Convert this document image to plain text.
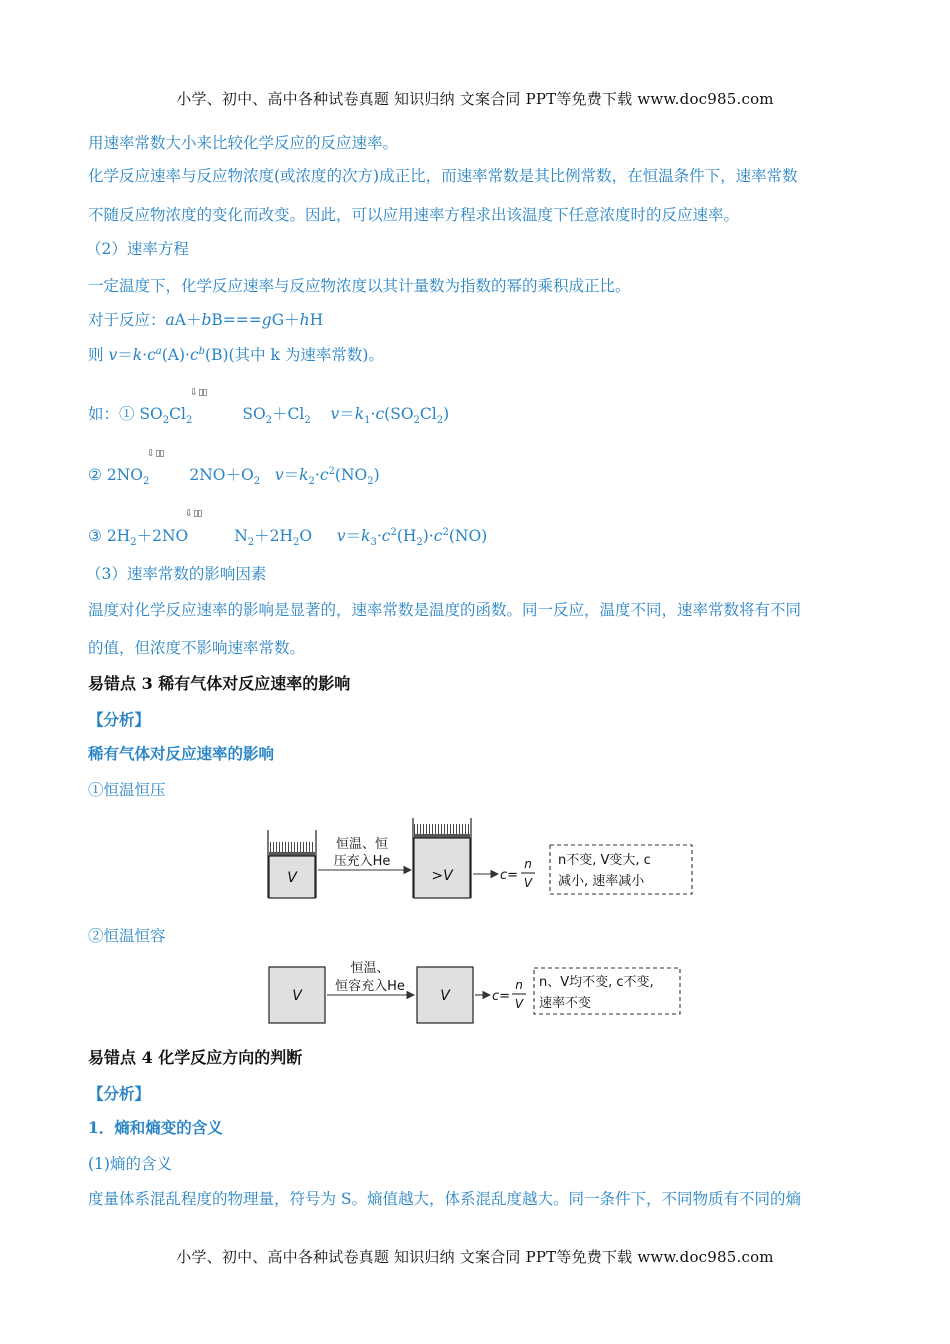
小学、初中、高中各种试卷真题 知识归纳 文案合同 PPT等免费下载 www.doc985.com
用速率常数大小来比较化学反应的反应速率。
化学反应速率与反应物浓度(或浓度的次方)成正比，而速率常数是其比例常数，在恒温条件下，速率常数
不随反应物浓度的变化而改变。因此，可以应用速率方程求出该温度下任意浓度时的反应速率。
（2）速率方程
一定温度下，化学反应速率与反应物浓度以其计量数为指数的幂的乘积成正比。
对于反应：aA＋bB===gG＋hH
则 $v=k\cdot c^a(A)\cdot c^b(B)$(其中 k 为速率常数)。
⇩ ▯▯
如：① $SO_2Cl_2$	$SO_2+Cl_2$ $v=k_1\cdot c(SO_2Cl_2)$
⇩ ▯▯
② $2NO_2$	$2NO+O_2$ $v=k_2\cdot c^2(NO_2)$
⇩ ▯▯
③ $2H_2+2NO$	$N_2+2H_2O$     $v=k_3\cdot c^2(H_2)\cdot c^2(NO)$
（3）速率常数的影响因素
温度对化学反应速率的影响是显著的，速率常数是温度的函数。同一反应，温度不同，速率常数将有不同
的值，但浓度不影响速率常数。
易错点 3 稀有气体对反应速率的影响
【分析】
稀有气体对反应速率的影响
①恒温恒压
V
恒温、恒
压充入He
>V	c=
n
V
n不变, V变大, c
减小, 速率减小
②恒温恒容
V
恒温、
恒容充入He
V	c=
n
V
n、V均不变, c不变,
速率不变
易错点 4 化学反应方向的判断
【分析】
1．熵和熵变的含义
(1)熵的含义
度量体系混乱程度的物理量，符号为 S。熵值越大，体系混乱度越大。同一条件下，不同物质有不同的熵
小学、初中、高中各种试卷真题 知识归纳 文案合同 PPT等免费下载 www.doc985.com
